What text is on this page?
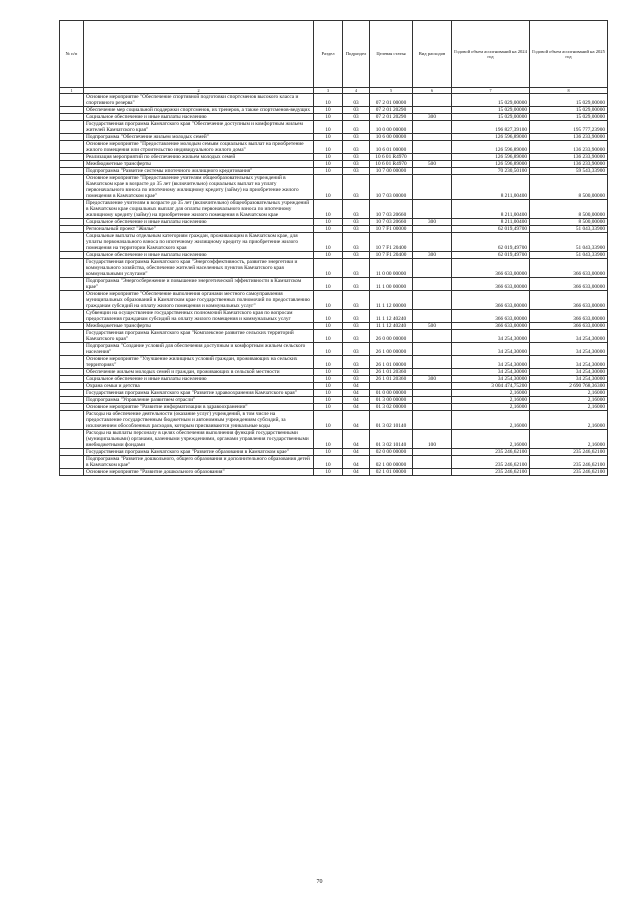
№ п/п		Раздел	Подраздел	Целевая статья	Вид расходов	Годовой объем ассигнований на 2024 год	Годовой объем ассигнований на 2025 год
1	2	3	4	5	6	7	8
	Основное мероприятие "Обеспечение спортивной подготовки спортсменов высокого класса и спортивного резерва"	10	03	07 2 01 00000		15 029,00000	15 029,00000
	Обеспечение мер социальной поддержки спортсменов, их тренеров, а также спортсменов-ведущих	10	03	07 2 01 20290		15 029,00000	15 029,00000
	Социальное обеспечение и иные выплаты населению	10	03	07 2 01 20290	300	15 029,00000	15 029,00000
	Государственная программа Камчатского края "Обеспечение доступным и комфортным жильем жителей Камчатского края"	10	03	10 0 00 00000		196 827,39100	195 777,23900
	Подпрограмма "Обеспечение жильем молодых семей"	10	03	10 6 00 00000		126 596,89000	136 233,90000
	Основное мероприятие "Предоставление молодым семьям социальных выплат на приобретение жилого помещения или строительство индивидуального жилого дома"	10	03	10 6 01 00000		126 596,89000	136 233,90000
	Реализация мероприятий по обеспечению жильем молодых семей	10	03	10 6 01 R4970		126 596,89000	136 233,90000
	Межбюджетные трансферты	10	03	10 6 01 R4970	500	126 596,89000	136 233,90000
	Подпрограмма "Развитие системы ипотечного жилищного кредитования"	10	03	10 7 00 00000		70 230,50100	59 543,33900
	Основное мероприятие "Предоставление учителям общеобразовательных учреждений в Камчатском крае в возрасте до 35 лет (включительно) социальных выплат на уплату первоначального взноса по ипотечному жилищному кредиту (займу) на приобретение жилого помещения в Камчатском крае"	10	03	10 7 03 00000		8 211,00400	8 500,00000
	Предоставление учителям в возрасте до 35 лет (включительно) общеобразовательных учреждений в Камчатском крае социальных выплат для оплаты первоначального взноса по ипотечному жилищному кредиту (займу) на приобретение жилого помещения в Камчатском крае	10	03	10 7 03 20660		8 211,00400	8 500,00000
	Социальное обеспечение и иные выплаты населению	10	03	10 7 03 20660	300	8 211,00400	8 500,00000
	Региональный проект "Жилье"	10	03	10 7 F1 00000		62 019,49700	51 043,33900
	Социальные выплаты отдельным категориям граждан, проживающим в Камчатском крае, для уплаты первоначального взноса по ипотечному жилищному кредиту на приобретение жилого помещения на территории Камчатского края	10	03	10 7 F1 20400		62 019,49700	51 043,33900
	Социальное обеспечение и иные выплаты населению	10	03	10 7 F1 20400	300	62 019,49700	51 043,33900
	Государственная программа Камчатского края "Энергоэффективность, развитие энергетики и коммунального хозяйства, обеспечение жителей населенных пунктов Камчатского края коммунальными услугами"	10	03	11 0 00 00000		366 633,00000	366 633,00000
	Подпрограмма "Энергосбережение и повышение энергетической эффективности в Камчатском крае"	10	03	11 1 00 00000		366 633,00000	366 633,00000
	Основное мероприятие "Обеспечение выполнения органами местного самоуправления муниципальных образований в Камчатском крае государственных полномочий по предоставлению гражданам субсидий на оплату жилого помещения и коммунальных услуг"	10	03	11 1 12 00000		366 633,00000	366 633,00000
	Субвенции на осуществление государственных полномочий Камчатского края по вопросам предоставления гражданам субсидий на оплату жилого помещения и коммунальных услуг	10	03	11 1 12 40240		366 633,00000	366 633,00000
	Межбюджетные трансферты	10	03	11 1 12 40240	500	366 633,00000	366 633,00000
	Государственная программа Камчатского края "Комплексное развитие сельских территорий Камчатского края"	10	03	26 0 00 00000		34 254,30000	34 254,30000
	Подпрограмма "Создание условий для обеспечения доступным и комфортным жильем сельского населения"	10	03	26 1 00 00000		34 254,30000	34 254,30000
	Основное мероприятие "Улучшение жилищных условий граждан, проживающих на сельских территориях"	10	03	26 1 01 00000		34 254,30000	34 254,30000
	Обеспечение жильем молодых семей и граждан, проживающих в сельской местности	10	03	26 1 01 20360		34 254,30000	34 254,30000
	Социальное обеспечение и иные выплаты населению	10	03	26 1 01 20360	300	34 254,30000	34 254,30000
	Охрана семьи и детства	10	04			3 004 474,75200	2 690 768,36300
	Государственная программа Камчатского края "Развитие здравоохранения Камчатского края"	10	04	01 0 00 00000		2,16000	2,16000
	Подпрограмма "Управление развитием отрасли"	10	04	01 3 00 00000		2,16000	2,16000
	Основное мероприятие "Развитие информатизации в здравоохранении"	10	04	01 3 02 00000		2,16000	2,16000
	Расходы на обеспечение деятельности (оказание услуг) учреждений, в том числе на предоставление государственным бюджетным и автономным учреждениям субсидий, за исключением обособленных расходов, которым присваиваются уникальные коды	10	04	01 3 02 10140		2,16000	2,16000
	Расходы на выплаты персоналу в целях обеспечения выполнения функций государственными (муниципальными) органами, казенными учреждениями, органами управления государственными внебюджетными фондами	10	04	01 3 02 10140	100	2,16000	2,16000
	Государственная программа Камчатского края "Развитие образования в Камчатском крае"	10	04	02 0 00 00000		235 246,62100	235 246,62100
	Подпрограмма "Развитие дошкольного, общего образования и дополнительного образования детей в Камчатском крае"	10	04	02 1 00 00000		235 246,62100	235 246,62100
	Основное мероприятие "Развитие дошкольного образования"	10	04	02 1 01 00000		235 246,62100	235 246,62100
70
